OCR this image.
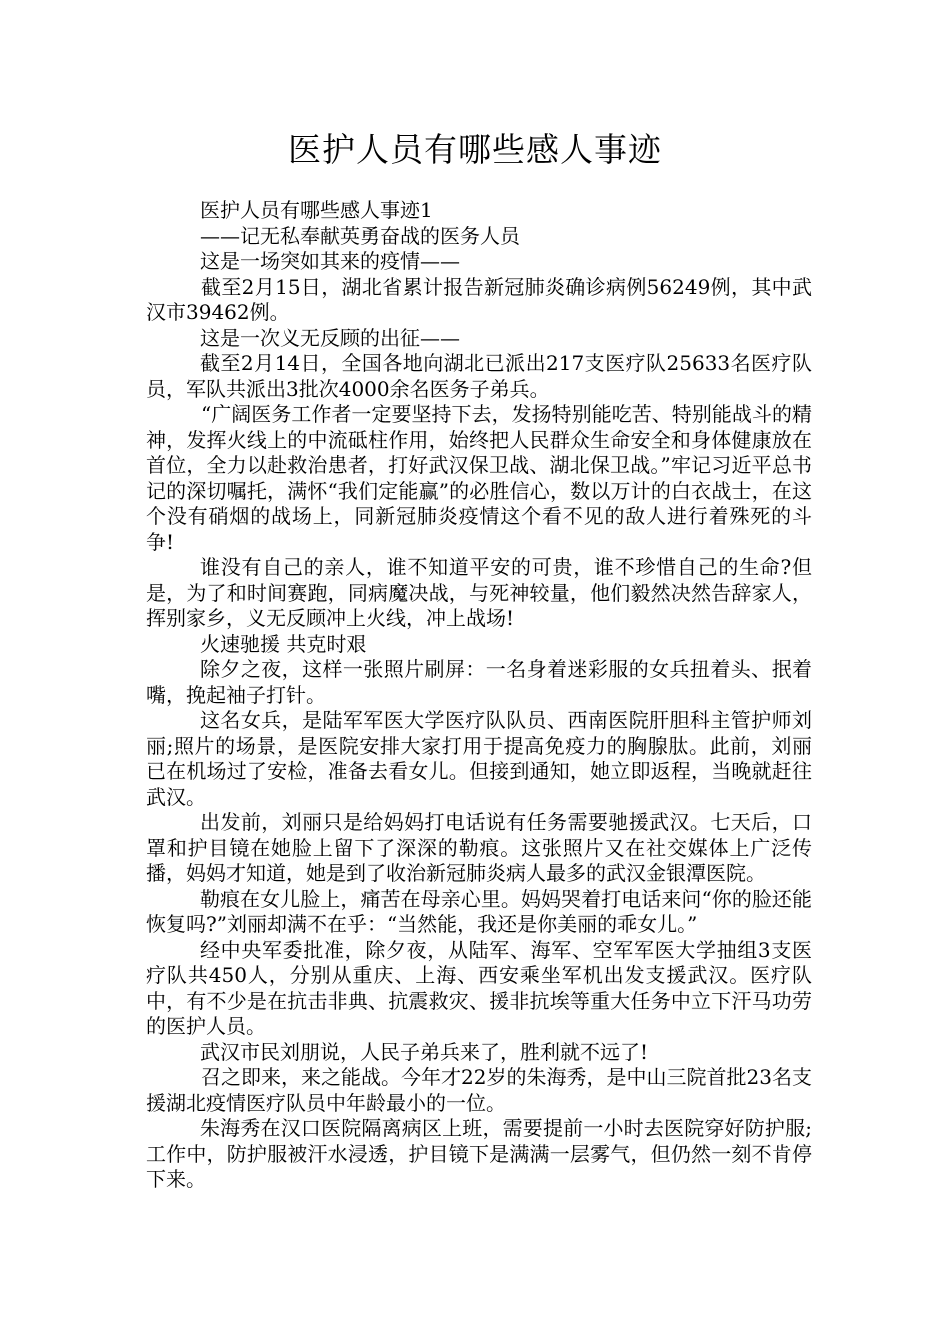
医护人员有哪些感人事迹

医护人员有哪些感人事迹1

——记无私奉献英勇奋战的医务人员

这是一场突如其来的疫情——

截至2月15日，湖北省累计报告新冠肺炎确诊病例56249例，其中武汉市39462例。

这是一次义无反顾的出征——

截至2月14日，全国各地向湖北已派出217支医疗队25633名医疗队员，军队共派出3批次4000余名医务子弟兵。

“广阔医务工作者一定要坚持下去，发扬特别能吃苦、特别能战斗的精神，发挥火线上的中流砥柱作用，始终把人民群众生命安全和身体健康放在首位，全力以赴救治患者，打好武汉保卫战、湖北保卫战。”牢记习近平总书记的深切嘱托，满怀“我们定能赢”的必胜信心，数以万计的白衣战士，在这个没有硝烟的战场上，同新冠肺炎疫情这个看不见的敌人进行着殊死的斗争!

谁没有自己的亲人，谁不知道平安的可贵，谁不珍惜自己的生命?但是，为了和时间赛跑，同病魔决战，与死神较量，他们毅然决然告辞家人，挥别家乡，义无反顾冲上火线，冲上战场!

火速驰援 共克时艰

除夕之夜，这样一张照片刷屏：一名身着迷彩服的女兵扭着头、抿着嘴，挽起袖子打针。

这名女兵，是陆军军医大学医疗队队员、西南医院肝胆科主管护师刘丽;照片的场景，是医院安排大家打用于提高免疫力的胸腺肽。此前，刘丽已在机场过了安检，准备去看女儿。但接到通知，她立即返程，当晚就赶往武汉。

出发前，刘丽只是给妈妈打电话说有任务需要驰援武汉。七天后，口罩和护目镜在她脸上留下了深深的勒痕。这张照片又在社交媒体上广泛传播，妈妈才知道，她是到了收治新冠肺炎病人最多的武汉金银潭医院。

勒痕在女儿脸上，痛苦在母亲心里。妈妈哭着打电话来问“你的脸还能恢复吗?”刘丽却满不在乎：“当然能，我还是你美丽的乖女儿。”

经中央军委批准，除夕夜，从陆军、海军、空军军医大学抽组3支医疗队共450人，分别从重庆、上海、西安乘坐军机出发支援武汉。医疗队中，有不少是在抗击非典、抗震救灾、援非抗埃等重大任务中立下汗马功劳的医护人员。

武汉市民刘朋说，人民子弟兵来了，胜利就不远了!

召之即来，来之能战。今年才22岁的朱海秀，是中山三院首批23名支援湖北疫情医疗队员中年龄最小的一位。

朱海秀在汉口医院隔离病区上班，需要提前一小时去医院穿好防护服;工作中，防护服被汗水浸透，护目镜下是满满一层雾气，但仍然一刻不肯停下来。
